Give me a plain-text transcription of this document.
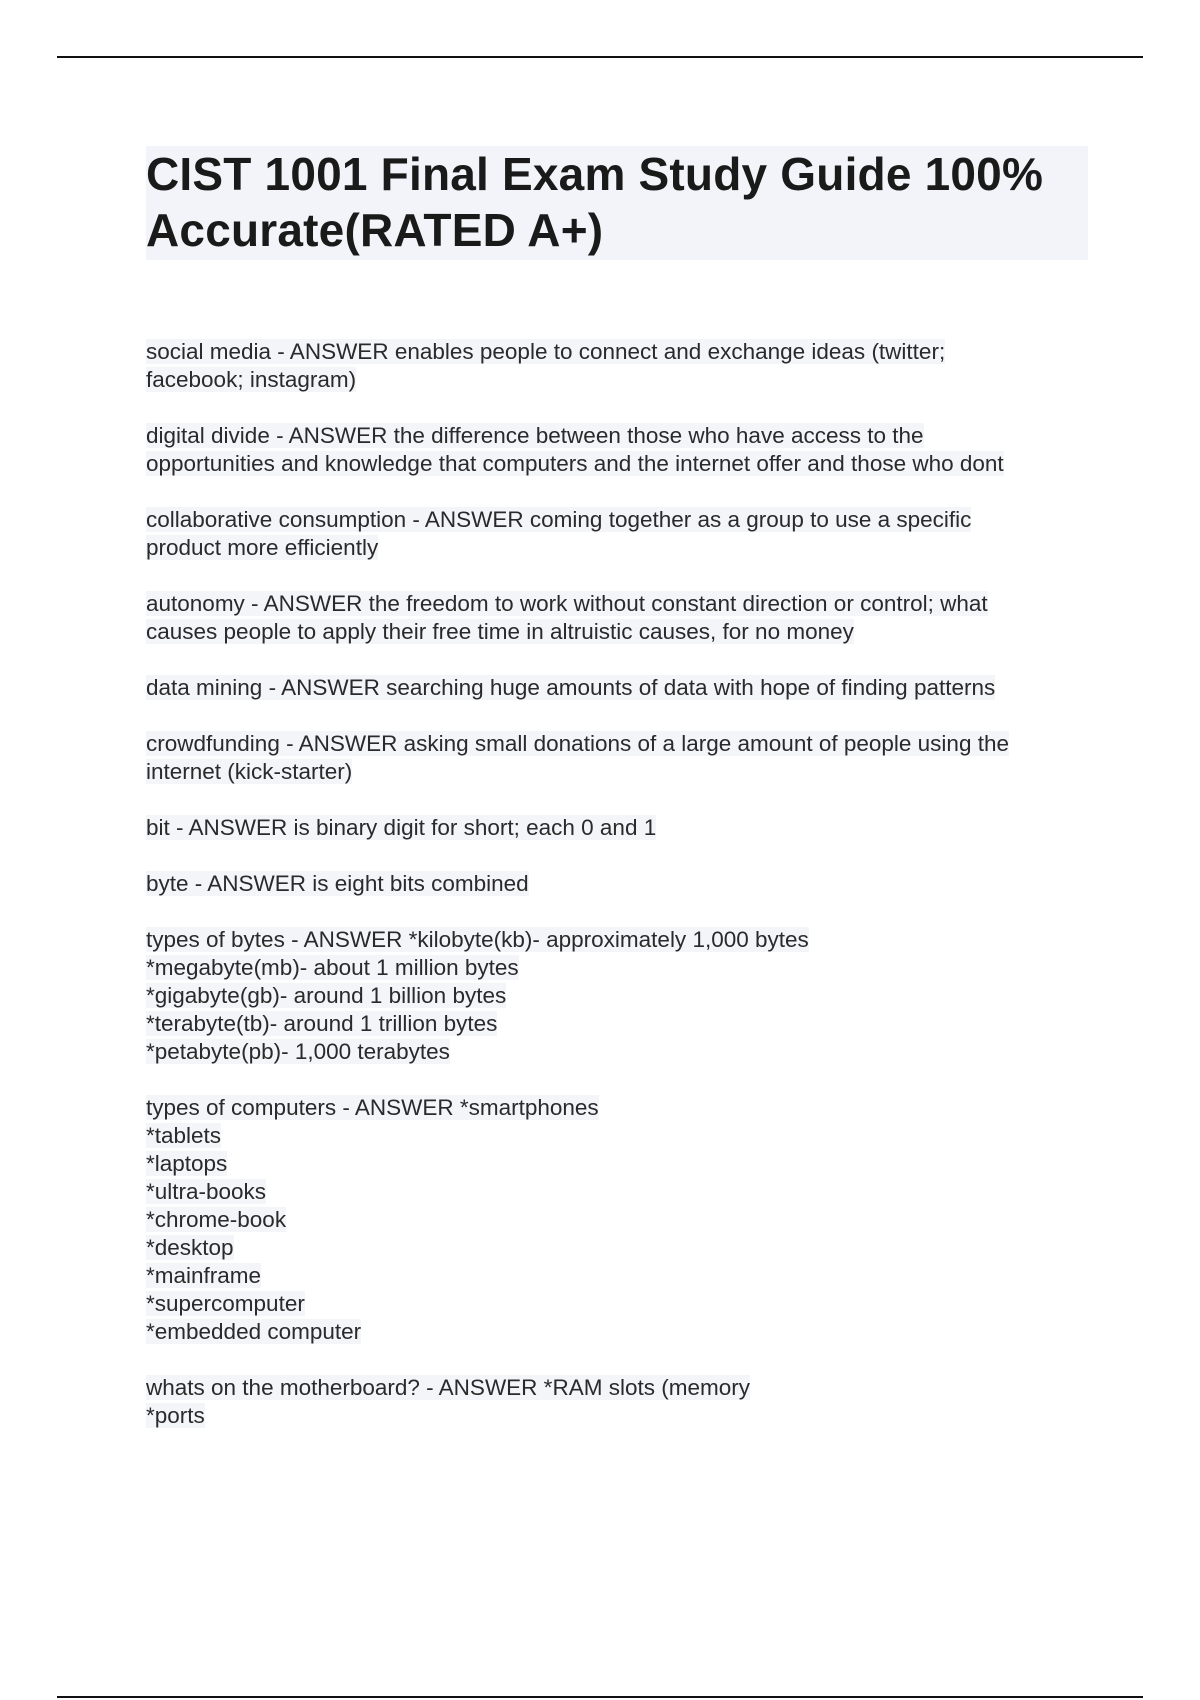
CIST 1001 Final Exam Study Guide 100%
Accurate(RATED A+)
social media - ANSWER enables people to connect and exchange ideas (twitter;
facebook; instagram)
digital divide - ANSWER the difference between those who have access to the
opportunities and knowledge that computers and the internet offer and those who dont
collaborative consumption - ANSWER coming together as a group to use a specific
product more efficiently
autonomy - ANSWER the freedom to work without constant direction or control; what
causes people to apply their free time in altruistic causes, for no money
data mining - ANSWER searching huge amounts of data with hope of finding patterns
crowdfunding - ANSWER asking small donations of a large amount of people using the
internet (kick-starter)
bit - ANSWER is binary digit for short; each 0 and 1
byte - ANSWER is eight bits combined
types of bytes - ANSWER *kilobyte(kb)- approximately 1,000 bytes
*megabyte(mb)- about 1 million bytes
*gigabyte(gb)- around 1 billion bytes
*terabyte(tb)- around 1 trillion bytes
*petabyte(pb)- 1,000 terabytes
types of computers - ANSWER *smartphones
*tablets
*laptops
*ultra-books
*chrome-book
*desktop
*mainframe
*supercomputer
*embedded computer
whats on the motherboard? - ANSWER *RAM slots (memory
*ports
